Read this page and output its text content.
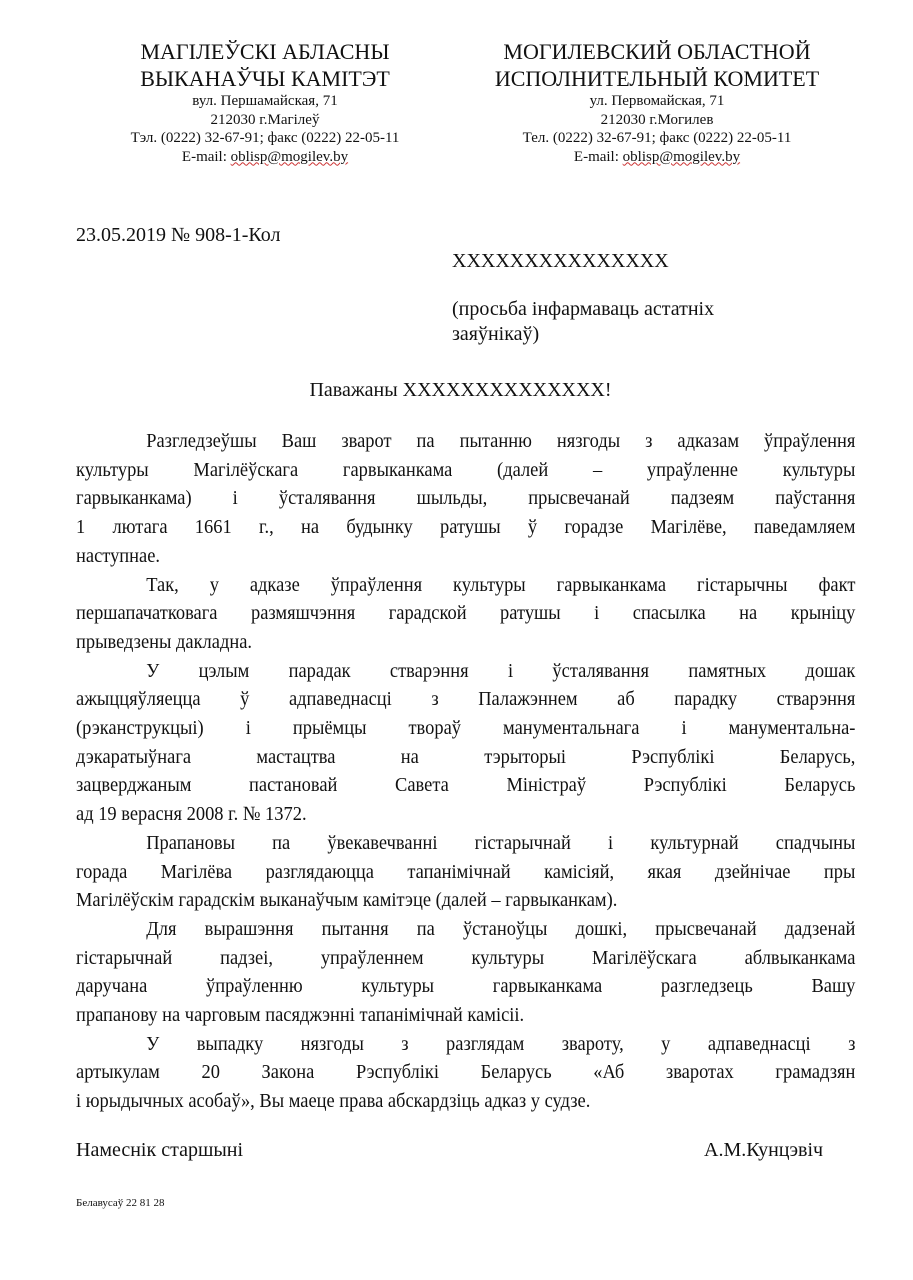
МАГІЛЕЎСКІ АБЛАСНЫ
ВЫКАНАЎЧЫ КАМІТЭТ
вул. Першамайская, 71
212030 г.Магілеў
Тэл. (0222) 32-67-91; факс (0222) 22-05-11
E-mail: oblisp@mogilev.by
МОГИЛЕВСКИЙ ОБЛАСТНОЙ
ИСПОЛНИТЕЛЬНЫЙ КОМИТЕТ
ул. Первомайская, 71
212030 г.Могилев
Тел. (0222) 32-67-91; факс (0222) 22-05-11
E-mail: oblisp@mogilev.by
23.05.2019 № 908-1-Кол
ХХХХХХХХХХХХХХХ
(просьба інфармаваць астатніх
заяўнікаў)
Паважаны ХХХХХХХХХХХХХХ!
Разгледзеўшы Ваш зварот па пытанню нязгоды з адказам ўпраўлення
культуры Магілёўскага гарвыканкама (далей – упраўленне культуры
гарвыканкама) і ўсталявання шыльды, прысвечанай падзеям паўстання
1 лютага 1661 г., на будынку ратушы ў горадзе Магілёве, паведамляем
наступнае.
Так, у адказе ўпраўлення культуры гарвыканкама гістарычны факт
першапачатковага размяшчэння гарадской ратушы і спасылка на крыніцу
прыведзены дакладна.
У цэлым парадак стварэння і ўсталявання памятных дошак
ажыццяўляецца ў адпаведнасці з Палажэннем аб парадку стварэння
(рэканструкцыі) і прыёмцы твораў манументальнага і манументальна-
дэкаратыўнага мастацтва на тэрыторыі Рэспублікі Беларусь,
зацверджаным пастановай Савета Міністраў Рэспублікі Беларусь
ад 19 верасня 2008 г. № 1372.
Прапановы па ўвекавечванні гістарычнай і культурнай спадчыны
горада Магілёва разглядаюцца тапанімічнай камісіяй, якая дзейнічае пры
Магілёўскім гарадскім выканаўчым камітэце (далей – гарвыканкам).
Для вырашэння пытання па ўстаноўцы дошкі, прысвечанай дадзенай
гістарычнай падзеі, упраўленнем культуры Магілёўскага аблвыканкама
даручана ўпраўленню культуры гарвыканкама разгледзець Вашу
прапанову на чарговым пасяджэнні тапанімічнай камісіі.
У выпадку нязгоды з разглядам звароту, у адпаведнасці з
артыкулам 20 Закона Рэспублікі Беларусь «Аб зваротах грамадзян
і юрыдычных асобаў», Вы маеце права абскардзіць адказ у судзе.
Намеснік старшыні	А.М.Кунцэвіч
Белавусаў 22 81 28
